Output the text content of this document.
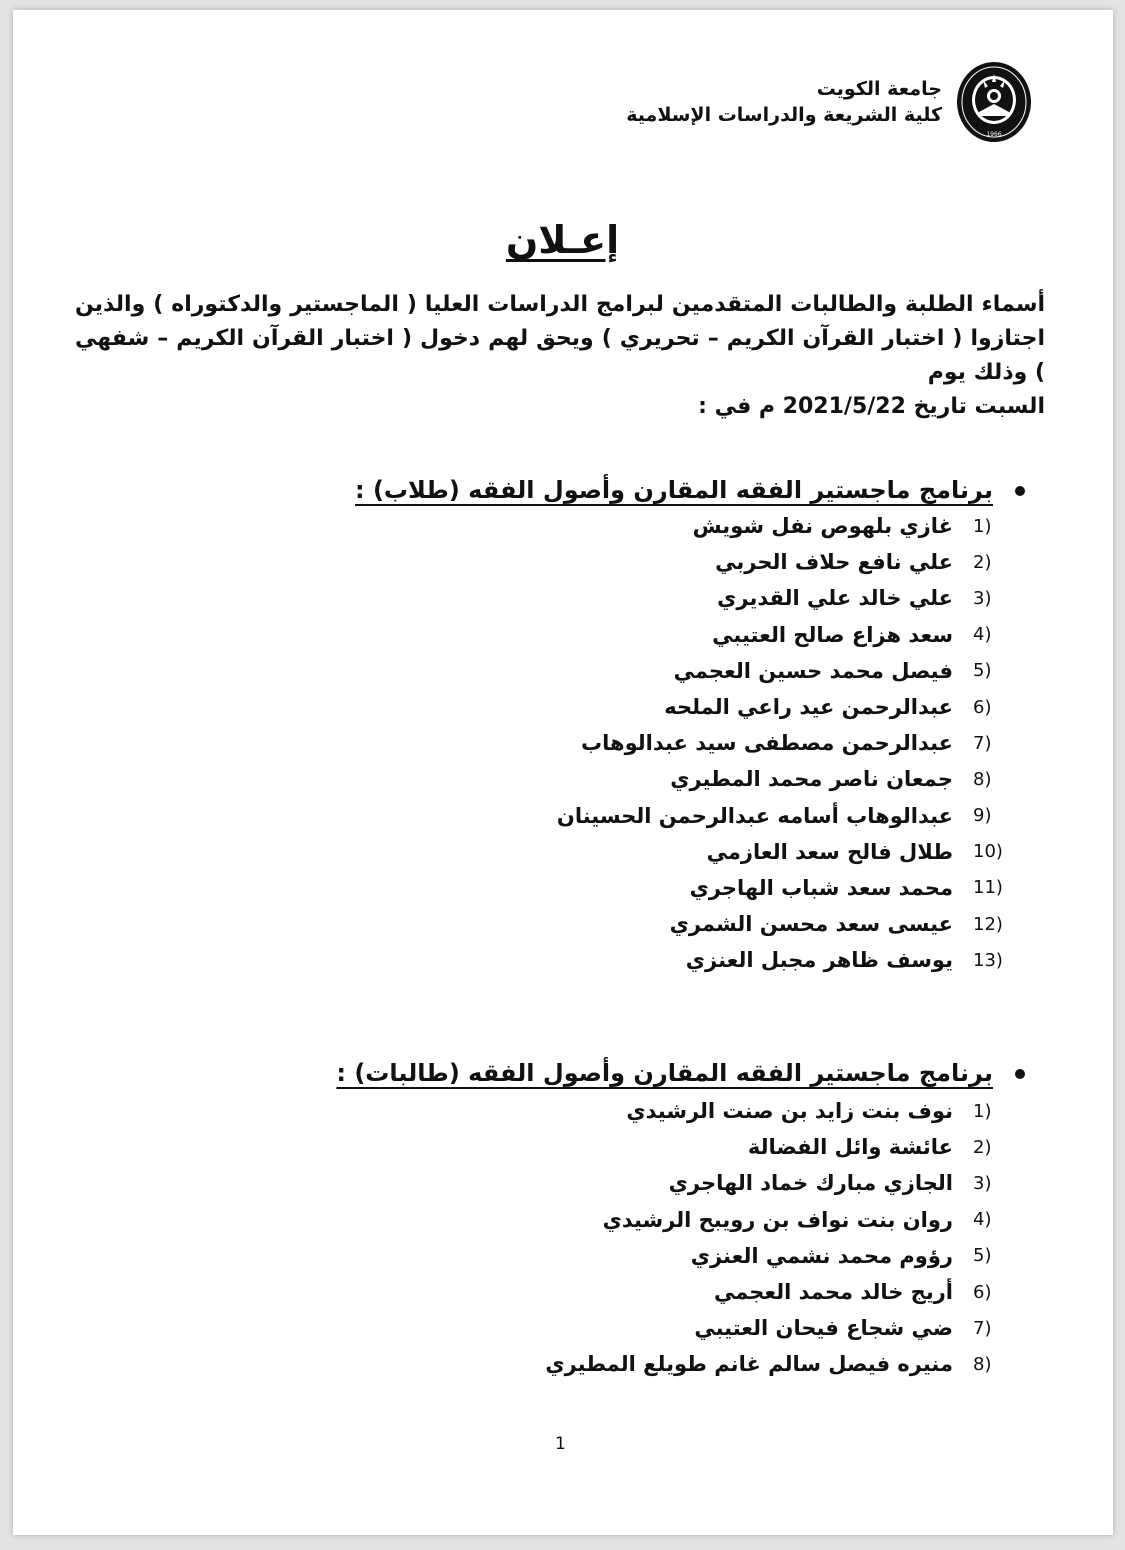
جامعة الكويت
كلية الشريعة والدراسات الإسلامية
1966
إعـلان
أسماء الطلبة والطالبات المتقدمين لبرامج الدراسات العليا ( الماجستير والدكتوراه ) والذين اجتازوا ( اختبار القرآن الكريم – تحريري ) ويحق لهم دخول ( اختبار القرآن الكريم – شفهي ) وذلك يوم
السبت تاريخ 2021/5/22 م في :
برنامج ماجستير الفقه المقارن وأصول الفقه (طلاب) :
1)
غازي بلهوص نفل شويش
2)
علي نافع حلاف الحربي
3)
علي خالد علي القديري
4)
سعد هزاع صالح العتيبي
5)
فيصل محمد حسين العجمي
6)
عبدالرحمن عيد راعي الملحه
7)
عبدالرحمن مصطفى سيد عبدالوهاب
8)
جمعان ناصر محمد المطيري
9)
عبدالوهاب أسامه عبدالرحمن الحسينان
10)
طلال فالح سعد العازمي
11)
محمد سعد شباب الهاجري
12)
عيسى سعد محسن الشمري
13)
يوسف ظاهر مجبل العنزي
برنامج ماجستير الفقه المقارن وأصول الفقه (طالبات) :
1)
نوف بنت زايد بن صنت الرشيدي
2)
عائشة وائل الفضالة
3)
الجازي مبارك خماد الهاجري
4)
روان بنت نواف بن رويبح الرشيدي
5)
رؤوم محمد نشمي العنزي
6)
أريج خالد محمد العجمي
7)
ضي شجاع فيحان العتيبي
8)
منيره فيصل سالم غانم طويلع المطيري
1
